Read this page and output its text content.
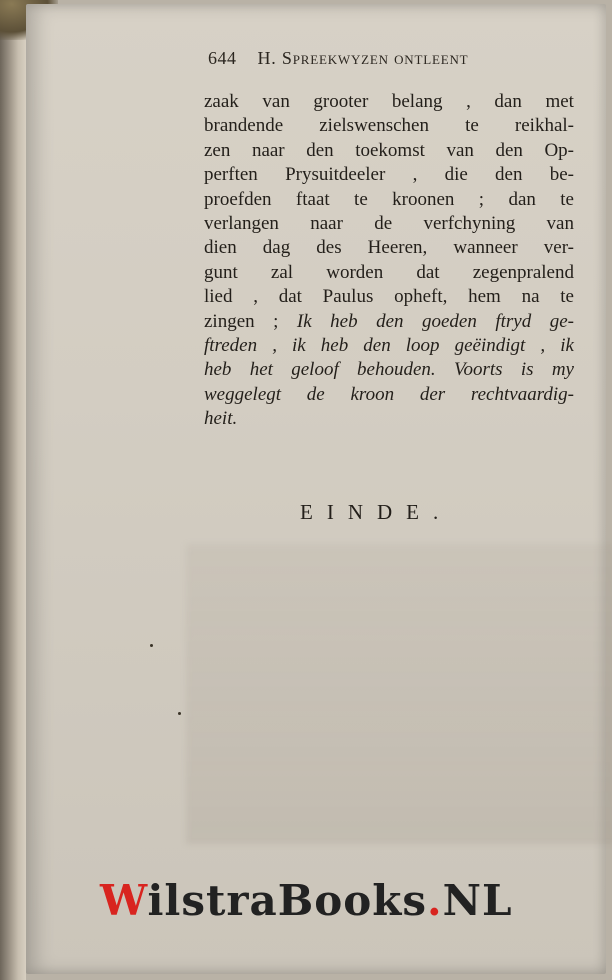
644 H. Spreekwyzen ontleent
zaak van grooter belang , dan met
brandende zielswenschen te reikhal-
zen naar den toekomst van den Op-
perften Prysuitdeeler , die den be-
proefden ftaat te kroonen ; dan te
verlangen naar de verfchyning van
dien dag des Heeren, wanneer ver-
gunt zal worden dat zegenpralend
lied , dat Paulus opheft, hem na te
zingen ; Ik heb den goeden ftryd ge-
ftreden , ik heb den loop geëindigt , ik
heb het geloof behouden. Voorts is my
weggelegt de kroon der rechtvaardig-
heit.
EINDE.
WilstraBooks.NL
